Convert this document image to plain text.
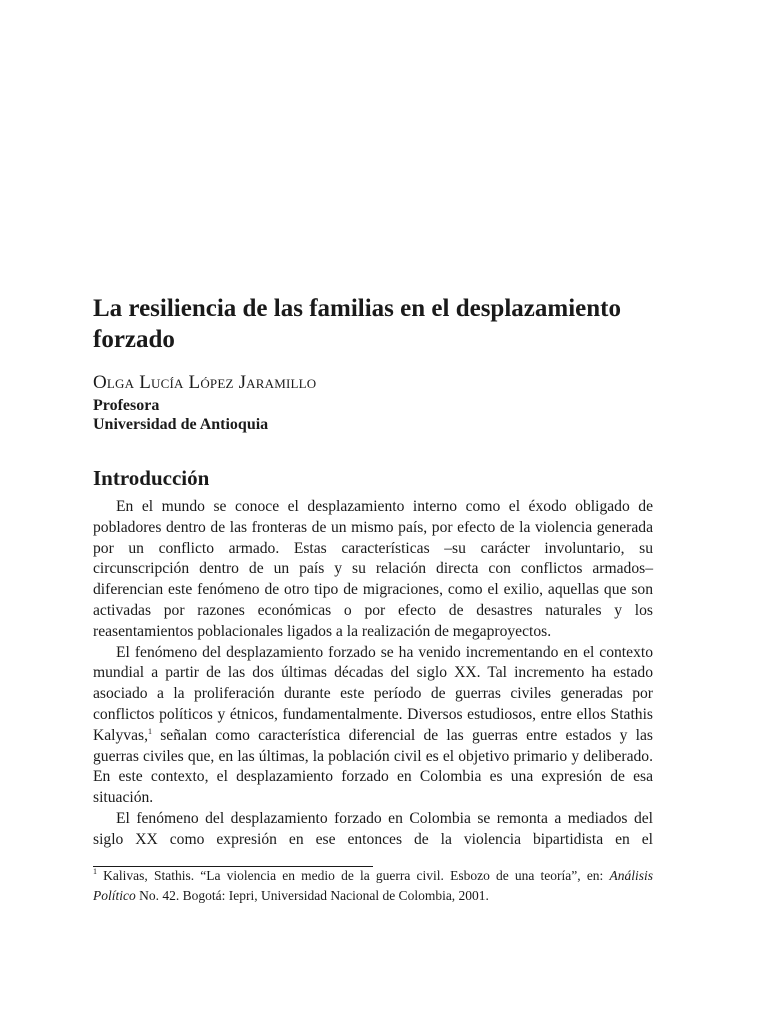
La resiliencia de las familias en el desplazamiento forzado
Olga Lucía López Jaramillo
Profesora
Universidad de Antioquia
Introducción

En el mundo se conoce el desplazamiento interno como el éxodo obligado de pobladores dentro de las fronteras de un mismo país, por efecto de la violencia generada por un conflicto armado. Estas características –su carácter involuntario, su circunscripción dentro de un país y su relación directa con conflictos armados– diferencian este fenómeno de otro tipo de migraciones, como el exilio, aquellas que son activadas por razones económicas o por efecto de desastres naturales y los reasentamientos poblacionales ligados a la realización de megaproyectos.

El fenómeno del desplazamiento forzado se ha venido incrementando en el contexto mundial a partir de las dos últimas décadas del siglo XX. Tal incremento ha estado asociado a la proliferación durante este período de guerras civiles generadas por conflictos políticos y étnicos, fundamentalmente. Diversos estudiosos, entre ellos Stathis Kalyvas,$^1$ señalan como característica diferencial de las guerras entre estados y las guerras civiles que, en las últimas, la población civil es el objetivo primario y deliberado. En este contexto, el desplazamiento forzado en Colombia es una expresión de esa situación.

El fenómeno del desplazamiento forzado en Colombia se remonta a mediados del siglo XX como expresión en ese entonces de la violencia bipartidista en el

$^1$ Kalivas, Stathis. “La violencia en medio de la guerra civil. Esbozo de una teoría”, en: Análisis Político No. 42. Bogotá: Iepri, Universidad Nacional de Colombia, 2001.
